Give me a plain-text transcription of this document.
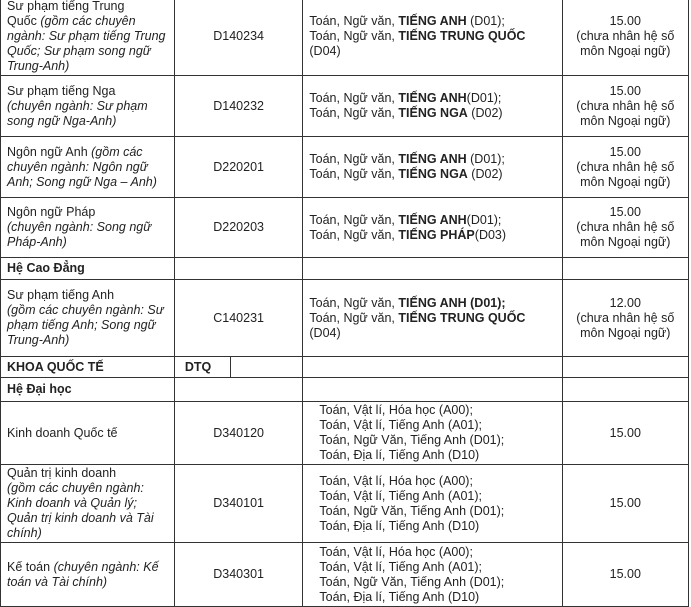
Sư phạm tiếng Trung
Quốc (gồm các chuyên ngành: Sư phạm tiếng Trung Quốc; Sư phạm song ngữ Trung-Anh)	D140234		Toán, Ngữ văn, TIẾNG ANH (D01);
Toán, Ngữ văn, TIẾNG TRUNG QUỐC (D04)	15.00
(chưa nhân hệ số môn Ngoại ngữ)
Sư phạm tiếng Nga
(chuyên ngành: Sư phạm song ngữ Nga-Anh)	D140232		Toán, Ngữ văn, TIẾNG ANH(D01);
Toán, Ngữ văn, TIẾNG NGA (D02)	15.00
(chưa nhân hệ số môn Ngoại ngữ)
Ngôn ngữ Anh (gồm các chuyên ngành: Ngôn ngữ Anh; Song ngữ Nga – Anh)	D220201		Toán, Ngữ văn, TIẾNG ANH (D01);
Toán, Ngữ văn, TIẾNG NGA (D02)	15.00
(chưa nhân hệ số môn Ngoại ngữ)
Ngôn ngữ Pháp
(chuyên ngành: Song ngữ Pháp-Anh)	D220203		Toán, Ngữ văn, TIẾNG ANH(D01);
Toán, Ngữ văn, TIẾNG PHÁP(D03)	15.00
(chưa nhân hệ số môn Ngoại ngữ)
Hệ Cao Đẳng				
Sư phạm tiếng Anh
(gồm các chuyên ngành: Sư phạm tiếng Anh; Song ngữ Trung-Anh)	C140231		Toán, Ngữ văn, TIẾNG ANH (D01);
Toán, Ngữ văn, TIẾNG TRUNG QUỐC (D04)	12.00
(chưa nhân hệ số môn Ngoại ngữ)
KHOA QUỐC TẾ	DTQ			
Hệ Đại học				
Kinh doanh Quốc tế	D340120		Toán, Vật lí, Hóa học (A00);
Toán, Vật lí, Tiếng Anh (A01);
Toán, Ngữ Văn, Tiếng Anh (D01);
Toán, Địa lí, Tiếng Anh (D10)	15.00
Quản trị kinh doanh
(gồm các chuyên ngành: Kinh doanh và Quản lý; Quản trị kinh doanh và Tài chính)	D340101		Toán, Vật lí, Hóa học (A00);
Toán, Vật lí, Tiếng Anh (A01);
Toán, Ngữ Văn, Tiếng Anh (D01);
Toán, Địa lí, Tiếng Anh (D10)	15.00
Kế toán (chuyên ngành: Kế toán và Tài chính)	D340301		Toán, Vật lí, Hóa học (A00);
Toán, Vật lí, Tiếng Anh (A01);
Toán, Ngữ Văn, Tiếng Anh (D01);
Toán, Địa lí, Tiếng Anh (D10)	15.00
